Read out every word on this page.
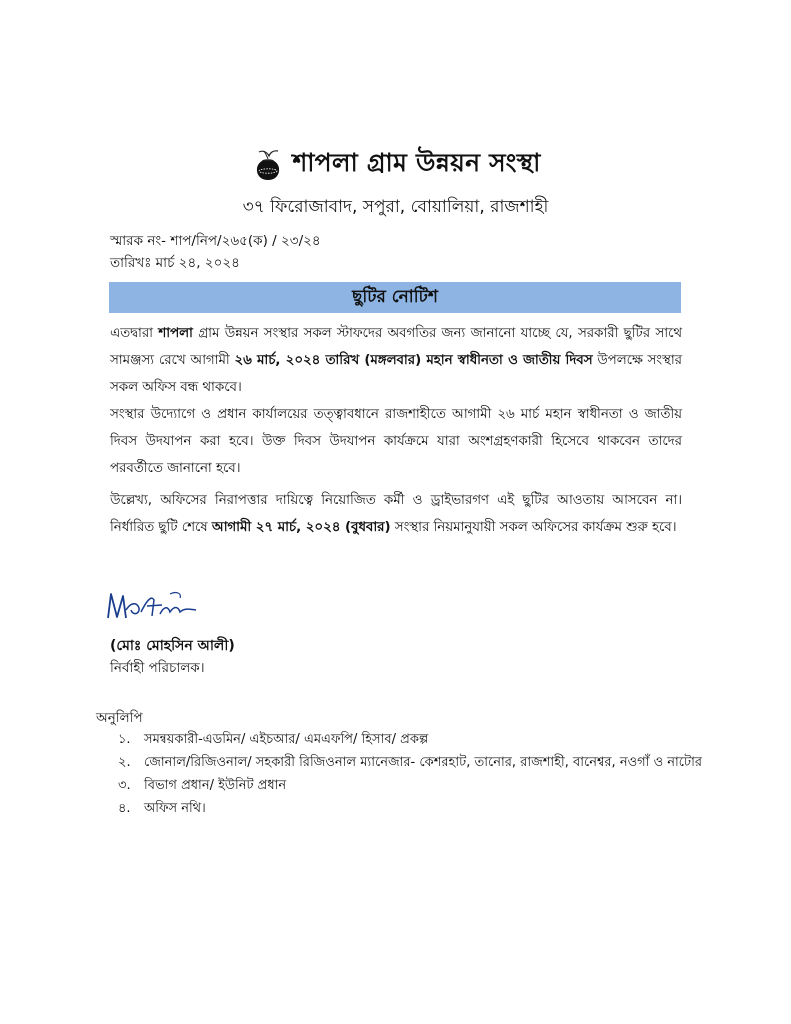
শাপলা গ্রাম উন্নয়ন সংস্থা
৩৭ ফিরোজাবাদ, সপুরা, বোয়ালিয়া, রাজশাহী
স্মারক নং- শাপ/নিপ/২৬৫(ক) / ২৩/২৪
তারিখঃ মার্চ ২৪, ২০২৪
ছুটির নোটিশ
এতদ্বারা শাপলা গ্রাম উন্নয়ন সংস্থার সকল স্টাফদের অবগতির জন্য জানানো যাচ্ছে যে, সরকারী ছুটির সাথে সামঞ্জস্য রেখে আগামী ২৬ মার্চ, ২০২৪ তারিখ (মঙ্গলবার) মহান স্বাধীনতা ও জাতীয় দিবস উপলক্ষে সংস্থার সকল অফিস বন্ধ থাকবে।
সংস্থার উদ্যোগে ও প্রধান কার্যালয়ের তত্ত্বাবধানে রাজশাহীতে আগামী ২৬ মার্চ মহান স্বাধীনতা ও জাতীয় দিবস উদযাপন করা হবে। উক্ত দিবস উদযাপন কার্যক্রমে যারা অংশগ্রহণকারী হিসেবে থাকবেন তাদের পরবর্তীতে জানানো হবে।
উল্লেখ্য, অফিসের নিরাপত্তার দায়িত্বে নিয়োজিত কর্মী ও ড্রাইভারগণ এই ছুটির আওতায় আসবেন না। নির্ধারিত ছুটি শেষে আগামী ২৭ মার্চ, ২০২৪ (বুধবার) সংস্থার নিয়মানুযায়ী সকল অফিসের কার্যক্রম শুরু হবে।
(মোঃ মোহসিন আলী)
নির্বাহী পরিচালক।
অনুলিপি
১.	সমন্বয়কারী-এডমিন/ এইচআর/ এমএফপি/ হিসাব/ প্রকল্প
২.	জোনাল/রিজিওনাল/ সহকারী রিজিওনাল ম্যানেজার- কেশরহাট, তানোর, রাজশাহী, বানেশ্বর, নওগাঁ ও নাটোর
৩.	বিভাগ প্রধান/ ইউনিট প্রধান
৪.	অফিস নথি।
